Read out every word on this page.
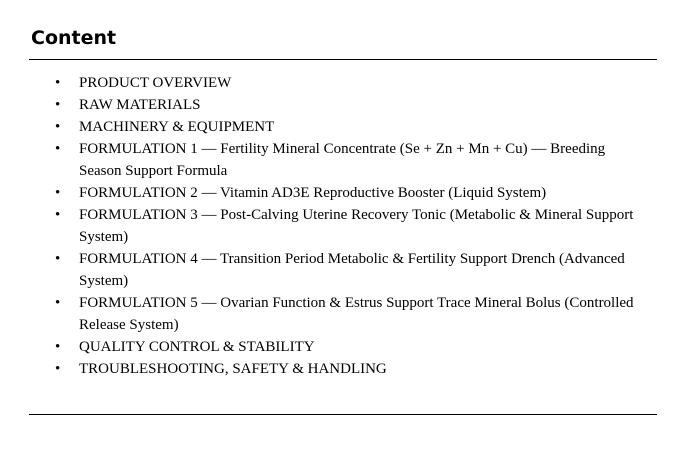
Content
• PRODUCT OVERVIEW
• RAW MATERIALS
• MACHINERY & EQUIPMENT
• FORMULATION 1 — Fertility Mineral Concentrate (Se + Zn + Mn + Cu) — Breeding Season Support Formula
• FORMULATION 2 — Vitamin AD3E Reproductive Booster (Liquid System)
• FORMULATION 3 — Post-Calving Uterine Recovery Tonic (Metabolic & Mineral Support System)
• FORMULATION 4 — Transition Period Metabolic & Fertility Support Drench (Advanced System)
• FORMULATION 5 — Ovarian Function & Estrus Support Trace Mineral Bolus (Controlled Release System)
• QUALITY CONTROL & STABILITY
• TROUBLESHOOTING, SAFETY & HANDLING
